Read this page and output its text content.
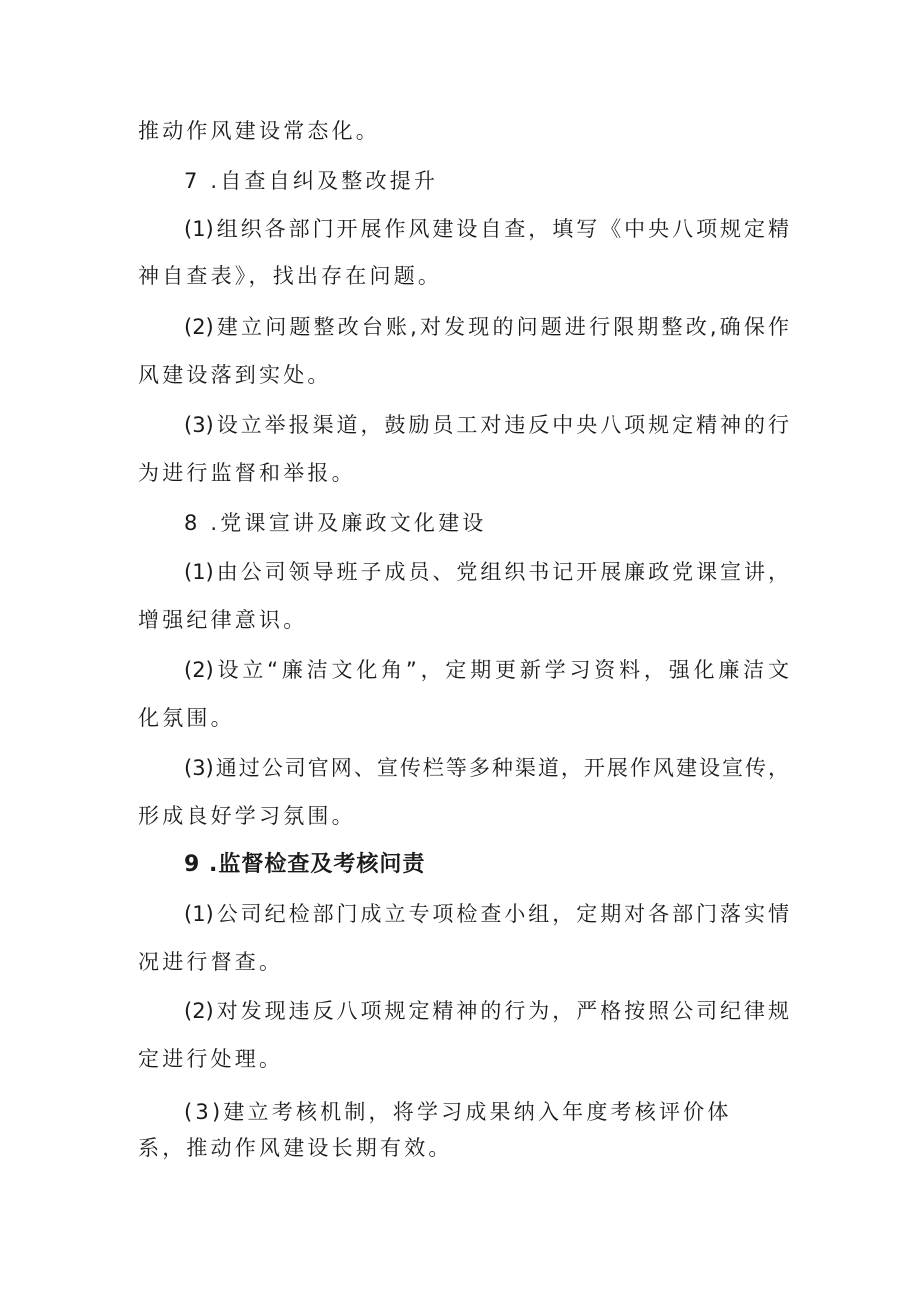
推动作风建设常态化。
7 .自查自纠及整改提升
(1)组织各部门开展作风建设自查，填写《中央八项规定精
神自查表》，找出存在问题。
(2)建立问题整改台账,对发现的问题进行限期整改,确保作
风建设落到实处。
(3)设立举报渠道，鼓励员工对违反中央八项规定精神的行
为进行监督和举报。
8 .党课宣讲及廉政文化建设
(1)由公司领导班子成员、党组织书记开展廉政党课宣讲，
增强纪律意识。
(2)设立“廉洁文化角”，定期更新学习资料，强化廉洁文
化氛围。
(3)通过公司官网、宣传栏等多种渠道，开展作风建设宣传，
形成良好学习氛围。
9 .监督检查及考核问责
(1)公司纪检部门成立专项检查小组，定期对各部门落实情
况进行督查。
(2)对发现违反八项规定精神的行为，严格按照公司纪律规
定进行处理。
(3)建立考核机制，将学习成果纳入年度考核评价体
系，推动作风建设长期有效。
